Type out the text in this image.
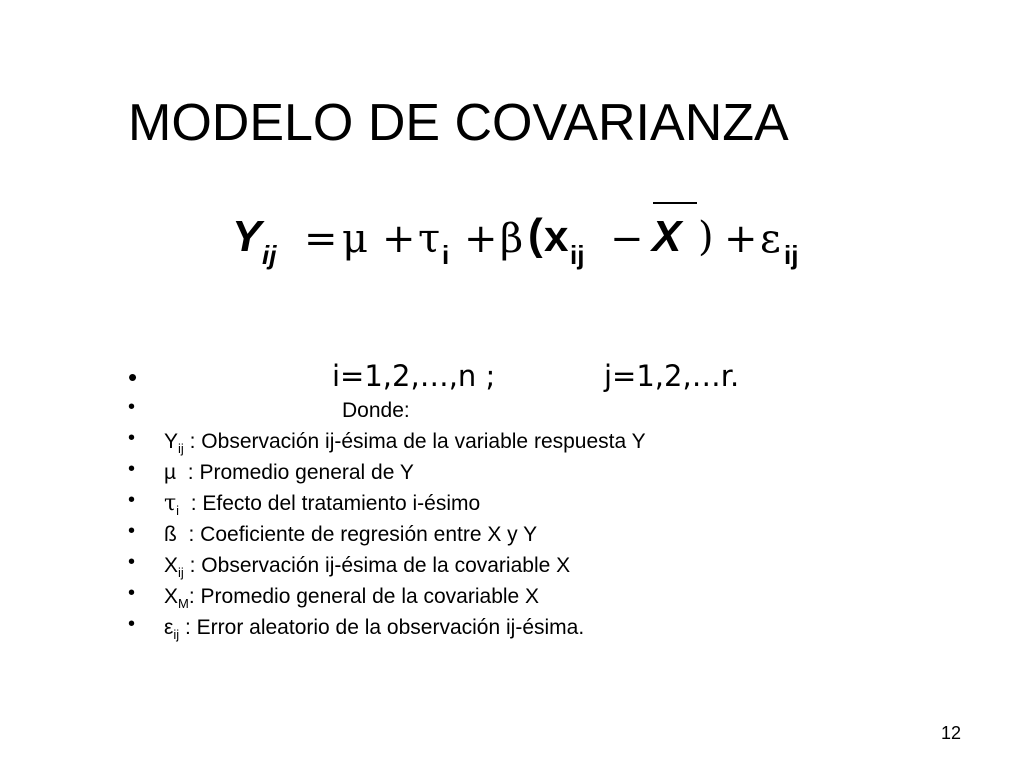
MODELO DE COVARIANZA
Y ij = μ + τ i + β ( x ij − X ) + ε ij
•	i=1,2,…,n ;	j=1,2,…r.
•	Donde:
• $Y_{ij}$ : Observación ij-ésima de la variable respuesta Y
• µ  : Promedio general de Y
• $\tau_i$  : Efecto del tratamiento i-ésimo
• ß  : Coeficiente de regresión entre X y Y
• $X_{ij}$ : Observación ij-ésima de la covariable X
• $X_M$: Promedio general de la covariable X
• $\varepsilon_{ij}$ : Error aleatorio de la observación ij-ésima.
12
